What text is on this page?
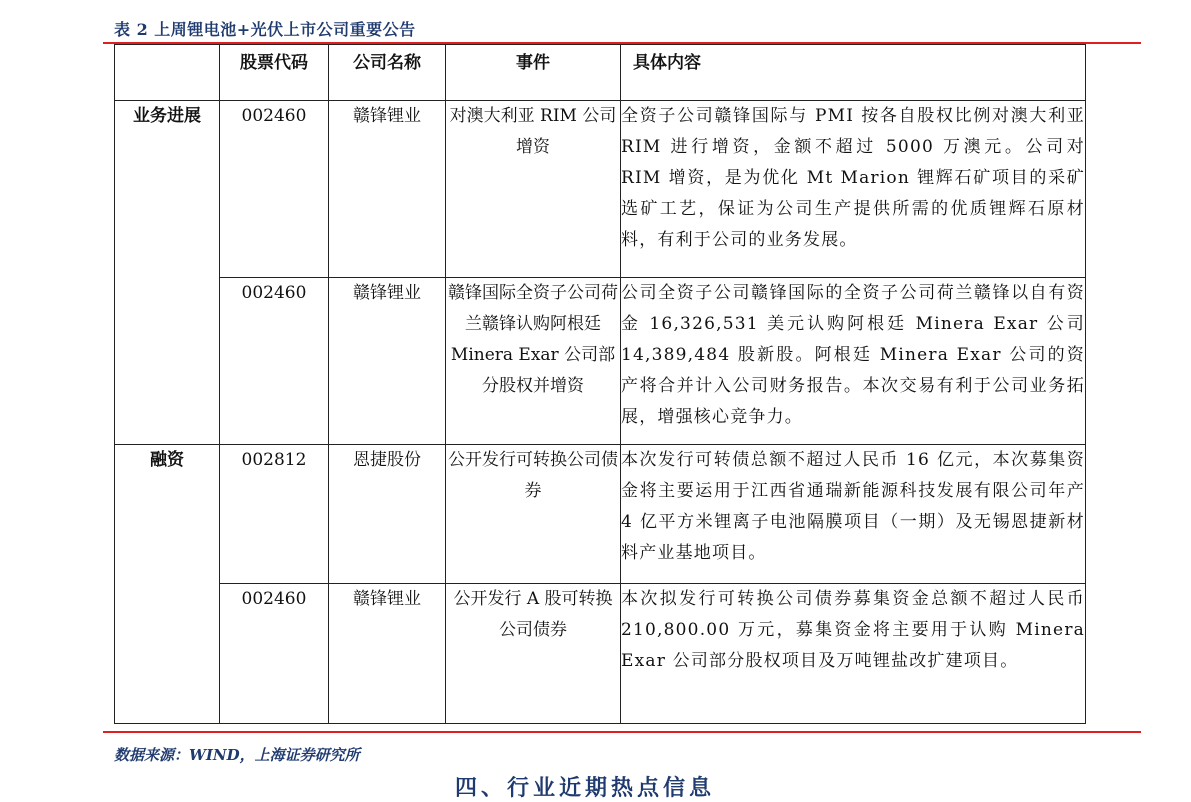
表 2 上周锂电池+光伏上市公司重要公告
	股票代码	公司名称	事件	具体内容
业务进展	002460	赣锋锂业	对澳大利亚 RIM 公司增资	全资子公司赣锋国际与 PMI 按各自股权比例对澳大利亚 RIM 进行增资，金额不超过 5000 万澳元。公司对 RIM 增资，是为优化 Mt Marion 锂辉石矿项目的采矿选矿工艺，保证为公司生产提供所需的优质锂辉石原材料，有利于公司的业务发展。
	002460	赣锋锂业	赣锋国际全资子公司荷兰赣锋认购阿根廷 Minera Exar 公司部分股权并增资	公司全资子公司赣锋国际的全资子公司荷兰赣锋以自有资金 16,326,531 美元认购阿根廷 Minera Exar 公司 14,389,484 股新股。阿根廷 Minera Exar 公司的资产将合并计入公司财务报告。本次交易有利于公司业务拓展，增强核心竞争力。
融资	002812	恩捷股份	公开发行可转换公司债券	本次发行可转债总额不超过人民币 16 亿元，本次募集资金将主要运用于江西省通瑞新能源科技发展有限公司年产 4 亿平方米锂离子电池隔膜项目（一期）及无锡恩捷新材料产业基地项目。
	002460	赣锋锂业	公开发行 A 股可转换公司债券	本次拟发行可转换公司债券募集资金总额不超过人民币 210,800.00 万元，募集资金将主要用于认购 Minera Exar 公司部分股权项目及万吨锂盐改扩建项目。
数据来源：WIND，上海证券研究所
四、行业近期热点信息
